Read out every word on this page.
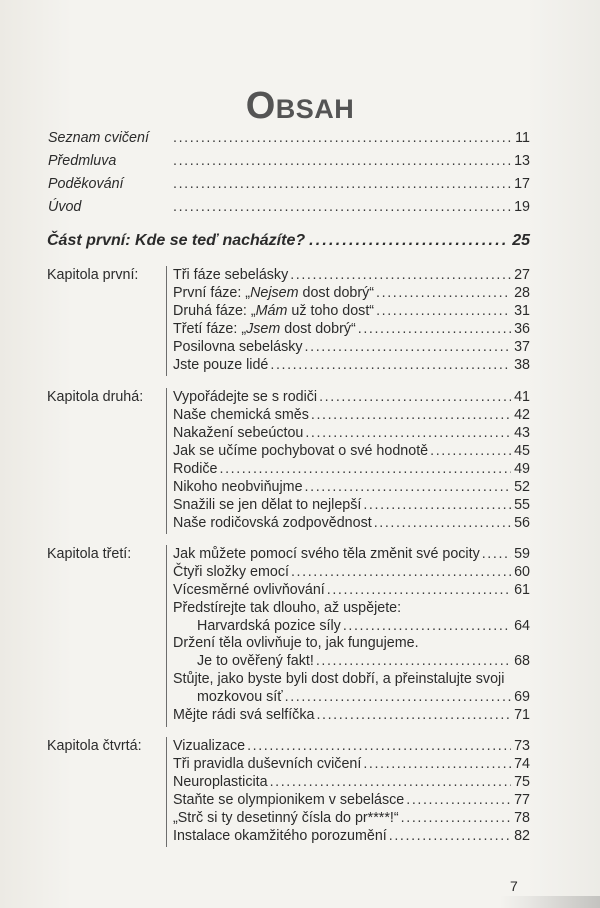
Obsah
Seznam cvičení .....	11
Předmluva .....	13
Poděkování .....	17
Úvod .....	19
Část první: Kde se teď nacházíte? .....	25
Kapitola první: Tři fáze sebelásky .....	27
První fáze: „Nejsem dost dobrý“ .....	28
Druhá fáze: „Mám už toho dost“ .....	31
Třetí fáze: „Jsem dost dobrý“ .....	36
Posilovna sebelásky .....	37
Jste pouze lidé .....	38
Kapitola druhá: Vypořádejte se s rodiči .....	41
Naše chemická směs .....	42
Nakažení sebeúctou .....	43
Jak se učíme pochybovat o své hodnotě .....	45
Rodiče .....	49
Nikoho neobviňujme .....	52
Snažili se jen dělat to nejlepší .....	55
Naše rodičovská zodpovědnost .....	56
Kapitola třetí:	Jak můžete pomocí svého těla změnit své pocity ..... 59
Čtyři složky emocí .....	60
Vícesměrné ovlivňování .....	61
Předstírejte tak dlouho, až uspějete:
Harvardská pozice síly .....	64
Držení těla ovlivňuje to, jak fungujeme.
Je to ověřený fakt! .....	68
Stůjte, jako byste byli dost dobří, a přeinstalujte svoji
mozkovou síť .....	69
Mějte rádi svá selfíčka .....	71
Kapitola čtvrtá: Vizualizace .....	73
Tři pravidla duševních cvičení .....	74
Neuroplasticita .....	75
Staňte se olympionikem v sebelásce .....	77
„Strč si ty desetinný čísla do pr****!“ .....	78
Instalace okamžitého porozumění .....	82
7
